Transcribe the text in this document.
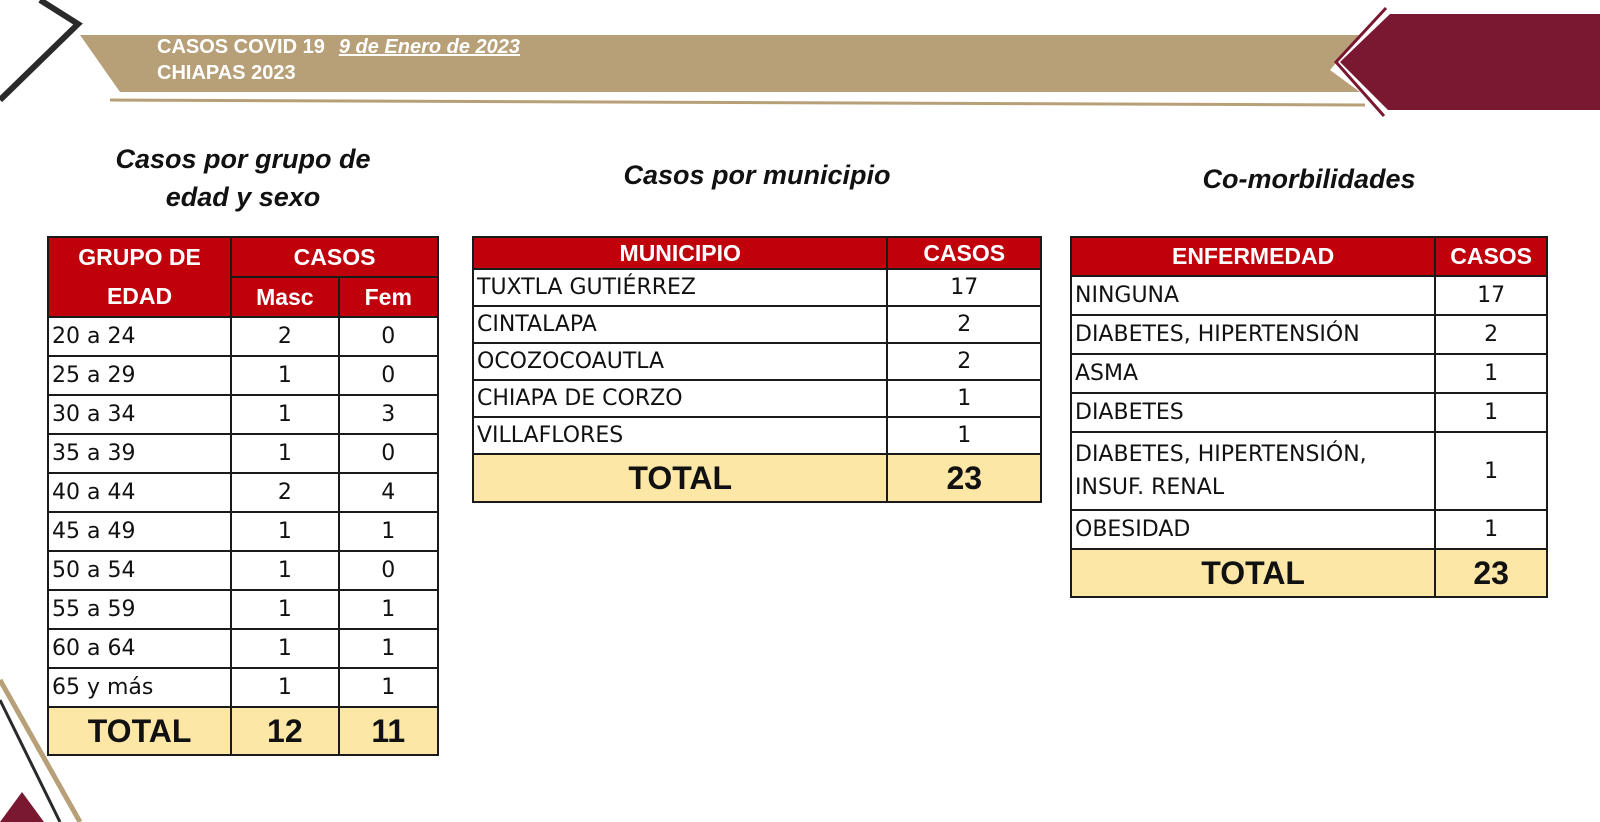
CASOS COVID 19 9 de Enero de 2023
CHIAPAS 2023
Casos por grupo de
edad y sexo
Casos por municipio	Co-morbilidades
GRUPO DE
EDAD	CASOS	
	Masc	Fem
20 a 24	2	0
25 a 29	1	0
30 a 34	1	3
35 a 39	1	0
40 a 44	2	4
45 a 49	1	1
50 a 54	1	0
55 a 59	1	1
60 a 64	1	1
65 y más	1	1
TOTAL	12	11
MUNICIPIO	CASOS
TUXTLA GUTIÉRREZ	17
CINTALAPA	2
OCOZOCOAUTLA	2
CHIAPA DE CORZO	1
VILLAFLORES	1
TOTAL	23
ENFERMEDAD	CASOS
NINGUNA	17
DIABETES, HIPERTENSIÓN	2
ASMA	1
DIABETES	1

DIABETES, HIPERTENSIÓN,
INSUF. RENAL	1
OBESIDAD	1
TOTAL	23
